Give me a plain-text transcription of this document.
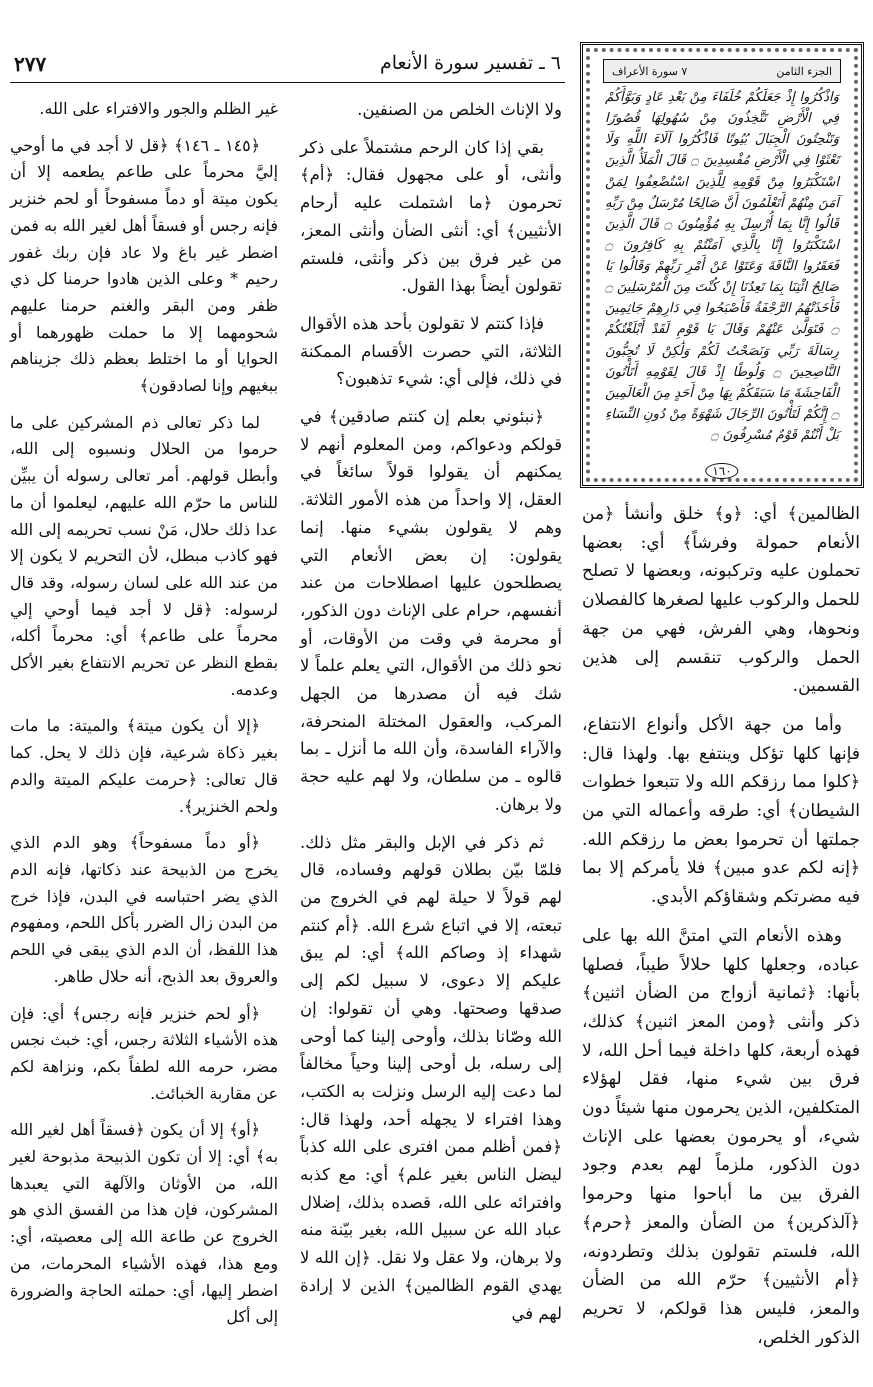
٢٧٧	٦ ـ تفسير سورة الأنعام	الجزء الثامن
٧ سورة الأعراف
وَاذْكُرُوا إِذْ جَعَلَكُمْ خُلَفَاءَ مِنْ بَعْدِ عَادٍ وَبَوَّأَكُمْ فِي الْأَرْضِ تَتَّخِذُونَ مِنْ سُهُولِهَا قُصُورًا وَتَنْحِتُونَ الْجِبَالَ بُيُوتًا فَاذْكُرُوا آلَاءَ اللَّهِ وَلَا تَعْثَوْا فِي الْأَرْضِ مُفْسِدِينَ ۝ قَالَ الْمَلَأُ الَّذِينَ اسْتَكْبَرُوا مِنْ قَوْمِهِ لِلَّذِينَ اسْتُضْعِفُوا لِمَنْ آمَنَ مِنْهُمْ أَتَعْلَمُونَ أَنَّ صَالِحًا مُرْسَلٌ مِنْ رَبِّهِ قَالُوا إِنَّا بِمَا أُرْسِلَ بِهِ مُؤْمِنُونَ ۝ قَالَ الَّذِينَ اسْتَكْبَرُوا إِنَّا بِالَّذِي آمَنْتُمْ بِهِ كَافِرُونَ ۝ فَعَقَرُوا النَّاقَةَ وَعَتَوْا عَنْ أَمْرِ رَبِّهِمْ وَقَالُوا يَا صَالِحُ ائْتِنَا بِمَا تَعِدُنَا إِنْ كُنْتَ مِنَ الْمُرْسَلِينَ ۝ فَأَخَذَتْهُمُ الرَّجْفَةُ فَأَصْبَحُوا فِي دَارِهِمْ جَاثِمِينَ ۝ فَتَوَلَّىٰ عَنْهُمْ وَقَالَ يَا قَوْمِ لَقَدْ أَبْلَغْتُكُمْ رِسَالَةَ رَبِّي وَنَصَحْتُ لَكُمْ وَلَٰكِنْ لَا تُحِبُّونَ النَّاصِحِينَ ۝ وَلُوطًا إِذْ قَالَ لِقَوْمِهِ أَتَأْتُونَ الْفَاحِشَةَ مَا سَبَقَكُمْ بِهَا مِنْ أَحَدٍ مِنَ الْعَالَمِينَ ۝ إِنَّكُمْ لَتَأْتُونَ الرِّجَالَ شَهْوَةً مِنْ دُونِ النِّسَاءِ بَلْ أَنْتُمْ قَوْمٌ مُسْرِفُونَ ۝
١٦٠

الظالمين﴾ أي: ﴿و﴾ خلق وأنشأ ﴿من الأنعام حمولة وفرشاً﴾ أي: بعضها تحملون عليه وتركبونه، وبعضها لا تصلح للحمل والركوب عليها لصغرها كالفصلان ونحوها، وهي الفرش، فهي من جهة الحمل والركوب تنقسم إلى هذين القسمين.

وأما من جهة الأكل وأنواع الانتفاع، فإنها كلها تؤكل وينتفع بها. ولهذا قال: ﴿كلوا مما رزقكم الله ولا تتبعوا خطوات الشيطان﴾ أي: طرقه وأعماله التي من جملتها أن تحرموا بعض ما رزقكم الله. ﴿إنه لكم عدو مبين﴾ فلا يأمركم إلا بما فيه مضرتكم وشقاؤكم الأبدي.

وهذه الأنعام التي امتنَّ الله بها على عباده، وجعلها كلها حلالاً طيباً، فصلها بأنها: ﴿ثمانية أزواج من الضأن اثنين﴾ ذكر وأنثى ﴿ومن المعز اثنين﴾ كذلك، فهذه أربعة، كلها داخلة فيما أحل الله، لا فرق بين شيء منها، فقل لهؤلاء المتكلفين، الذين يحرمون منها شيئاً دون شيء، أو يحرمون بعضها على الإناث دون الذكور، ملزماً لهم بعدم وجود الفرق بين ما أباحوا منها وحرموا ﴿آلذكرين﴾ من الضأن والمعز ﴿حرم﴾ الله، فلستم تقولون بذلك وتطردونه، ﴿أم الأنثيين﴾ حرّم الله من الضأن والمعز، فليس هذا قولكم، لا تحريم الذكور الخلص،

ولا الإناث الخلص من الصنفين.

بقي إذا كان الرحم مشتملاً على ذكر وأنثى، أو على مجهول فقال: ﴿أم﴾ تحرمون ﴿ما اشتملت عليه أرحام الأنثيين﴾ أي: أنثى الضأن وأنثى المعز، من غير فرق بين ذكر وأنثى، فلستم تقولون أيضاً بهذا القول.

فإذا كنتم لا تقولون بأحد هذه الأقوال الثلاثة، التي حصرت الأقسام الممكنة في ذلك، فإلى أي: شيء تذهبون؟

﴿نبئوني بعلم إن كنتم صادقين﴾ في قولكم ودعواكم، ومن المعلوم أنهم لا يمكنهم أن يقولوا قولاً سائغاً في العقل، إلا واحداً من هذه الأمور الثلاثة. وهم لا يقولون بشيء منها. إنما يقولون: إن بعض الأنعام التي يصطلحون عليها اصطلاحات من عند أنفسهم، حرام على الإناث دون الذكور، أو محرمة في وقت من الأوقات، أو نحو ذلك من الأقوال، التي يعلم علماً لا شك فيه أن مصدرها من الجهل المركب، والعقول المختلة المنحرفة، والآراء الفاسدة، وأن الله ما أنزل ـ بما قالوه ـ من سلطان، ولا لهم عليه حجة ولا برهان.

ثم ذكر في الإبل والبقر مثل ذلك. فلمّا بيّن بطلان قولهم وفساده، قال لهم قولاً لا حيلة لهم في الخروج من تبعته، إلا في اتباع شرع الله. ﴿أم كنتم شهداء إذ وصاكم الله﴾ أي: لم يبق عليكم إلا دعوى، لا سبيل لكم إلى صدقها وصحتها. وهي أن تقولوا: إن الله وصّانا بذلك، وأوحى إلينا كما أوحى إلى رسله، بل أوحى إلينا وحياً مخالفاً لما دعت إليه الرسل ونزلت به الكتب، وهذا افتراء لا يجهله أحد، ولهذا قال: ﴿فمن أظلم ممن افترى على الله كذباً ليضل الناس بغير علم﴾ أي: مع كذبه وافترائه على الله، قصده بذلك، إضلال عباد الله عن سبيل الله، بغير بيّنة منه ولا برهان، ولا عقل ولا نقل. ﴿إن الله لا يهدي القوم الظالمين﴾ الذين لا إرادة لهم في

غير الظلم والجور والافتراء على الله.

﴿١٤٥ ـ ١٤٦﴾ ﴿قل لا أجد في ما أوحي إليَّ محرماً على طاعم يطعمه إلا أن يكون ميتة أو دماً مسفوحاً أو لحم خنزير فإنه رجس أو فسقاً أهل لغير الله به فمن اضطر غير باغ ولا عاد فإن ربك غفور رحيم * وعلى الذين هادوا حرمنا كل ذي ظفر ومن البقر والغنم حرمنا عليهم شحومهما إلا ما حملت ظهورهما أو الحوايا أو ما اختلط بعظم ذلك جزيناهم ببغيهم وإنا لصادقون﴾

لما ذكر تعالى ذم المشركين على ما حرموا من الحلال ونسبوه إلى الله، وأبطل قولهم. أمر تعالى رسوله أن يبيِّن للناس ما حرّم الله عليهم، ليعلموا أن ما عدا ذلك حلال، مَنْ نسب تحريمه إلى الله فهو كاذب مبطل، لأن التحريم لا يكون إلا من عند الله على لسان رسوله، وقد قال لرسوله: ﴿قل لا أجد فيما أوحي إلي محرماً على طاعم﴾ أي: محرماً أكله، بقطع النظر عن تحريم الانتفاع بغير الأكل وعدمه.

﴿إلا أن يكون ميتة﴾ والميتة: ما مات بغير ذكاة شرعية، فإن ذلك لا يحل. كما قال تعالى: ﴿حرمت عليكم الميتة والدم ولحم الخنزير﴾.

﴿أو دماً مسفوحاً﴾ وهو الدم الذي يخرج من الذبيحة عند ذكاتها، فإنه الدم الذي يضر احتباسه في البدن، فإذا خرج من البدن زال الضرر بأكل اللحم، ومفهوم هذا اللفظ، أن الدم الذي يبقى في اللحم والعروق بعد الذبح، أنه حلال طاهر.

﴿أو لحم خنزير فإنه رجس﴾ أي: فإن هذه الأشياء الثلاثة رجس، أي: خبث نجس مضر، حرمه الله لطفاً بكم، ونزاهة لكم عن مقاربة الخبائث.

﴿أو﴾ إلا أن يكون ﴿فسقاً أهل لغير الله به﴾ أي: إلا أن تكون الذبيحة مذبوحة لغير الله، من الأوثان والآلهة التي يعبدها المشركون، فإن هذا من الفسق الذي هو الخروج عن طاعة الله إلى معصيته، أي: ومع هذا، فهذه الأشياء المحرمات، من اضطر إليها، أي: حملته الحاجة والضرورة إلى أكل
